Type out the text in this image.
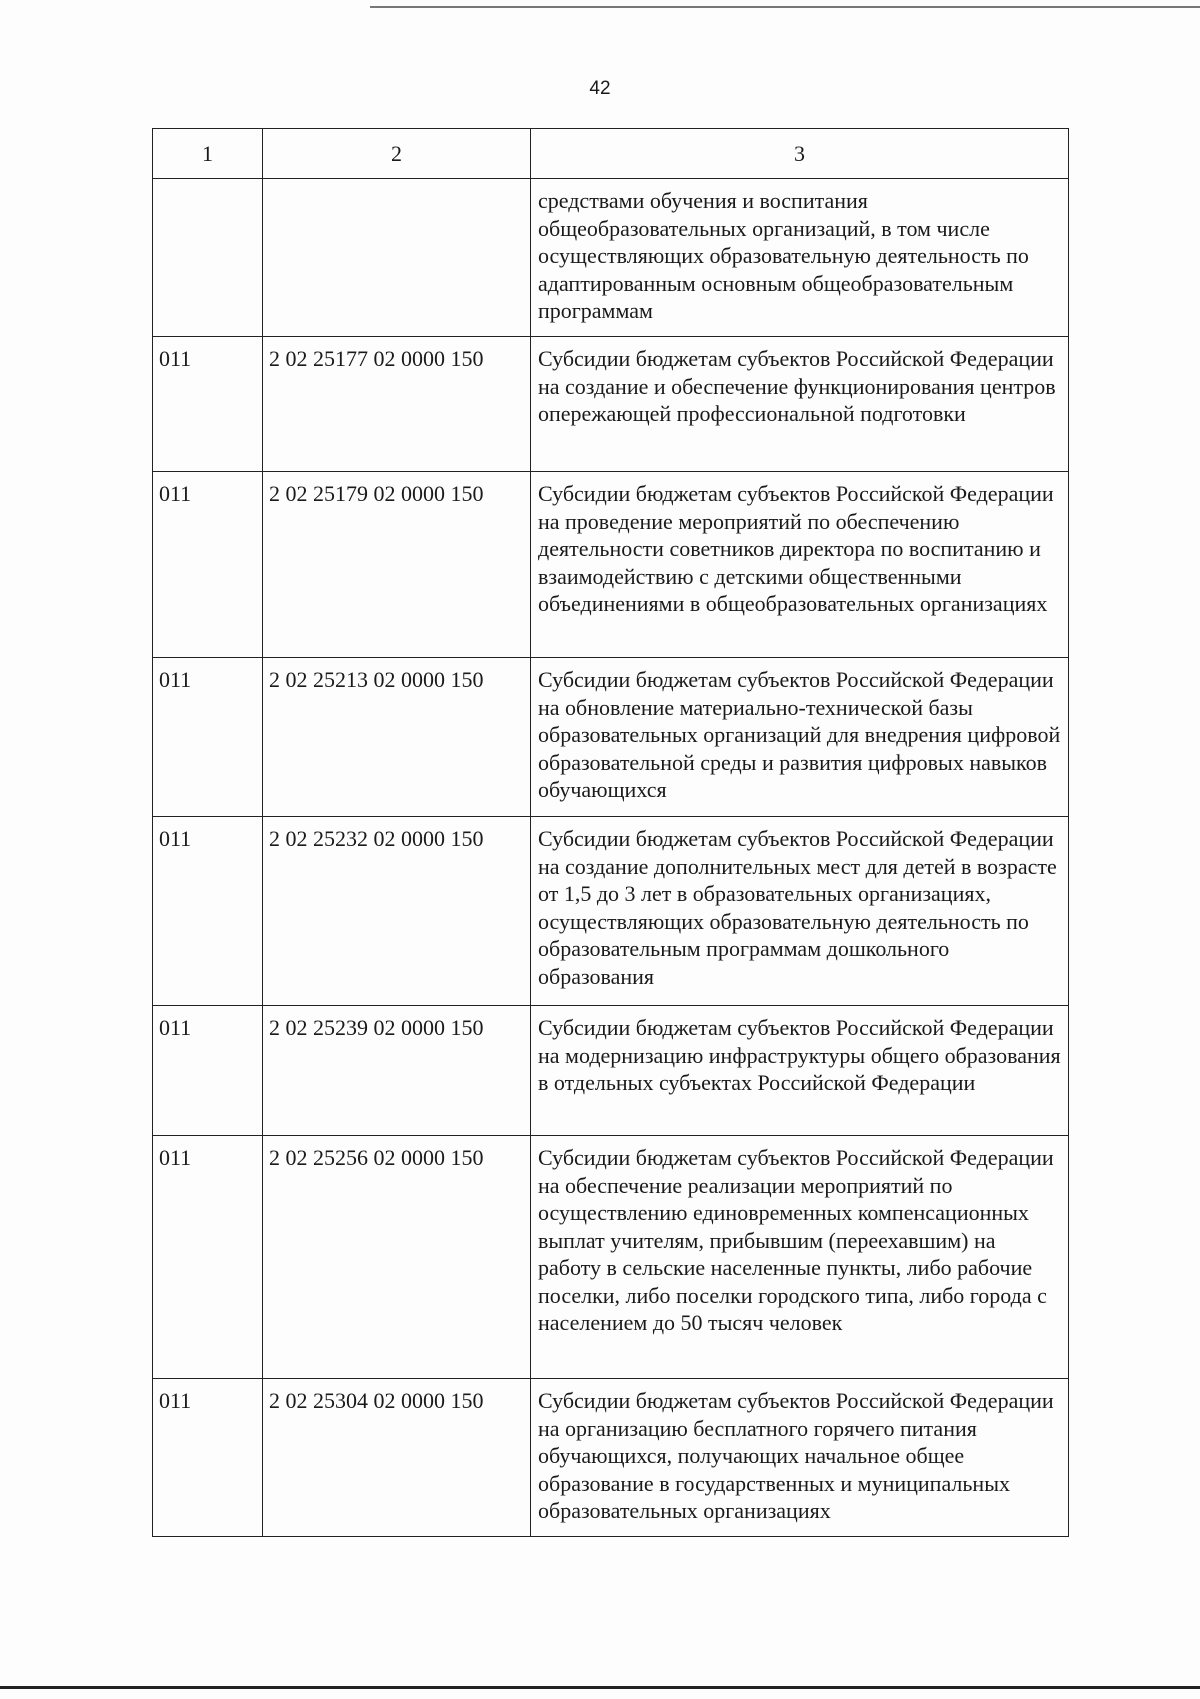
42
1	2	3
		средствами обучения и воспитания общеобразовательных организаций, в том числе осуществляющих образовательную деятельность по адаптированным основным общеобразовательным программам
011	2 02 25177 02 0000 150	Субсидии бюджетам субъектов Российской Федерации на создание и обеспечение функционирования центров опережающей профессиональной подготовки
011	2 02 25179 02 0000 150	Субсидии бюджетам субъектов Российской Федерации на проведение мероприятий по обеспечению деятельности советников директора по воспитанию и взаимодействию с детскими общественными объединениями в общеобразовательных организациях
011	2 02 25213 02 0000 150	Субсидии бюджетам субъектов Российской Федерации на обновление материально-технической базы образовательных организаций для внедрения цифровой образовательной среды и развития цифровых навыков обучающихся
011	2 02 25232 02 0000 150	Субсидии бюджетам субъектов Российской Федерации на создание дополнительных мест для детей в возрасте от 1,5 до 3 лет в образовательных организациях, осуществляющих образовательную деятельность по образовательным программам дошкольного образования
011	2 02 25239 02 0000 150	Субсидии бюджетам субъектов Российской Федерации на модернизацию инфраструктуры общего образования в отдельных субъектах Российской Федерации
011	2 02 25256 02 0000 150	Субсидии бюджетам субъектов Российской Федерации на обеспечение реализации мероприятий по осуществлению единовременных компенсационных выплат учителям, прибывшим (переехавшим) на работу в сельские населенные пункты, либо рабочие поселки, либо поселки городского типа, либо города с населением до 50 тысяч человек
011	2 02 25304 02 0000 150	Субсидии бюджетам субъектов Российской Федерации на организацию бесплатного горячего питания обучающихся, получающих начальное общее образование в государственных и муниципальных образовательных организациях
